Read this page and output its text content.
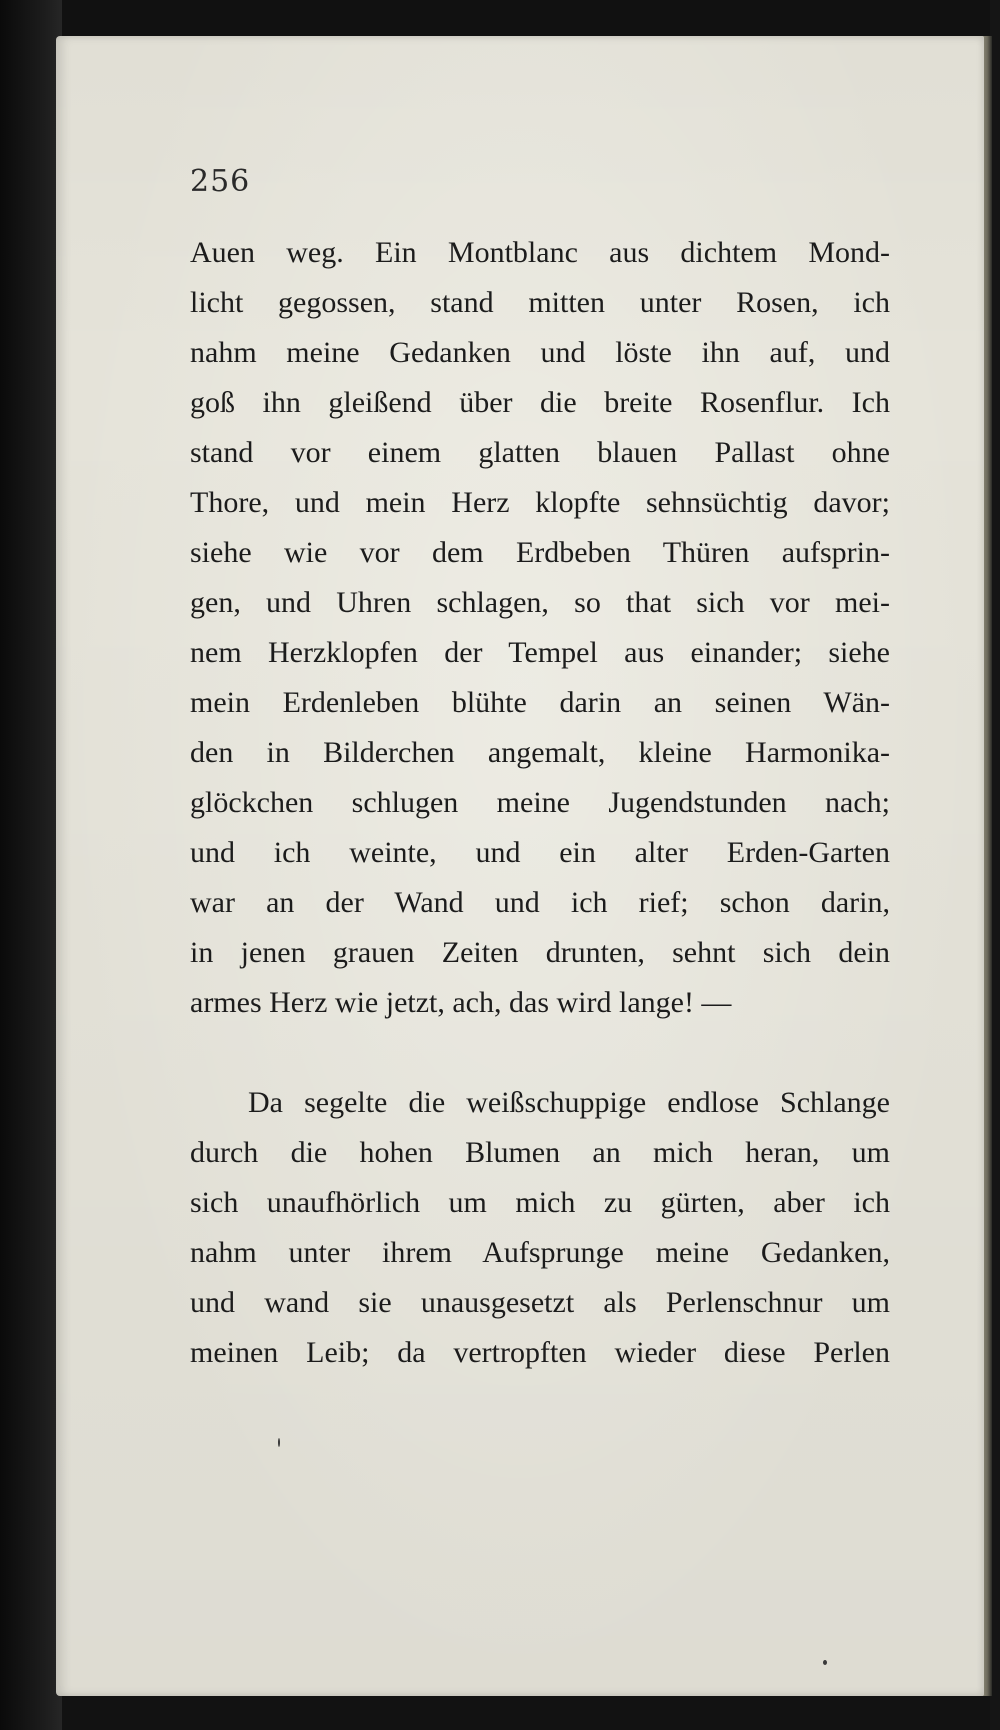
256

Auen weg. Ein Montblanc aus dichtem Mond-
licht gegossen, stand mitten unter Rosen, ich
nahm meine Gedanken und löste ihn auf, und
goß ihn gleißend über die breite Rosenflur. Ich
stand vor einem glatten blauen Pallast ohne
Thore, und mein Herz klopfte sehnsüchtig davor;
siehe wie vor dem Erdbeben Thüren aufsprin-
gen, und Uhren schlagen, so that sich vor mei-
nem Herzklopfen der Tempel aus einander; siehe
mein Erdenleben blühte darin an seinen Wän-
den in Bilderchen angemalt, kleine Harmonika-
glöckchen schlugen meine Jugendstunden nach;
und ich weinte, und ein alter Erden-Garten
war an der Wand und ich rief; schon darin,
in jenen grauen Zeiten drunten, sehnt sich dein
armes Herz wie jetzt, ach, das wird lange! —

Da segelte die weißschuppige endlose Schlange
durch die hohen Blumen an mich heran, um
sich unaufhörlich um mich zu gürten, aber ich
nahm unter ihrem Aufsprunge meine Gedanken,
und wand sie unausgesetzt als Perlenschnur um
meinen Leib; da vertropften wieder diese Perlen
